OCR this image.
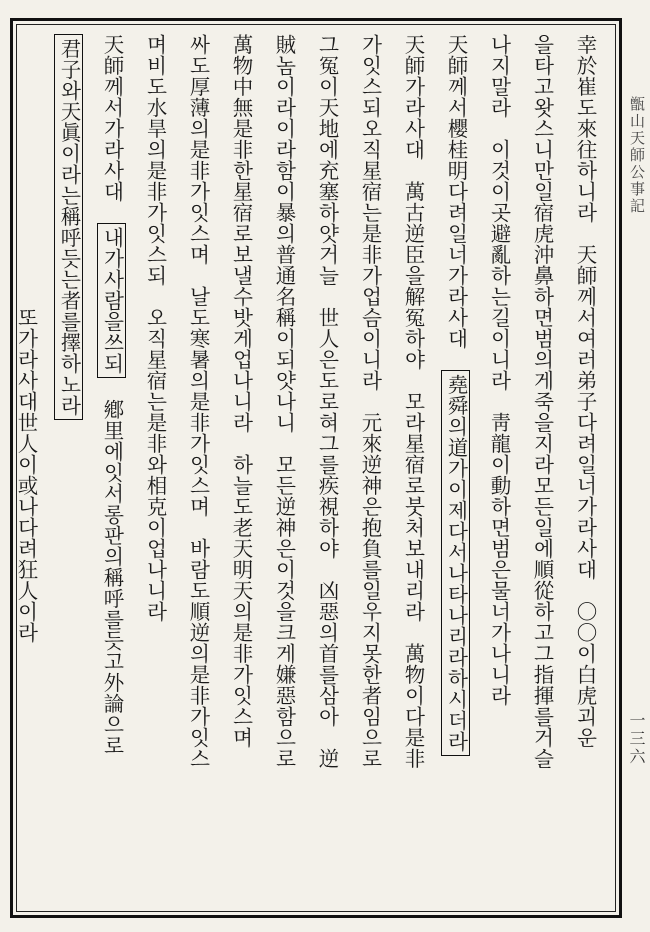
甑山天師公事記
一三六
幸於崔도來往하니라　天師께서여러弟子다려일너가라사대　〇〇이白虎괴운
을타고왓스니만일宿虎沖鼻하면범의게죽을지라모든일에順從하고그指揮를거슬
나지말라　이것이곳避亂하는길이니라　靑龍이動하면범은물너가나니라
天師께서櫻桂明다려일너가라사대　堯舜의道가이제다서나타나리라하시더라
天師가라사대　萬古逆臣을解冤하야　모라星宿로붓처보내리라　萬物이다是非
가잇스되오직星宿는是非가업슴이니라　元來逆神은抱負를일우지못한者임으로
그冤이天地에充塞하얏거늘　世人은도로혀그를疾視하야　凶惡의首를삼아　逆
賊놈이라이라함이暴의普通名稱이되얏나니　모든逆神은이것을크게嫌惡함으로
萬物中無是非한星宿로보낼수밧게업나니라　하늘도老天明天의是非가잇스며
싸도厚薄의是非가잇스며　날도寒暑의是非가잇스며　바람도順逆의是非가잇스
며비도水旱의是非가잇스되　오직星宿는是非와相克이업나니라
天師께서가라사대　내가사람을쓰되　鄕里에잇서롱판의稱呼를듯고外論으로
君子와天眞이라는稱呼듯는者를擇하노라
　　　　　　　　　　　　　또가라사대世人이或나다려狂人이라
